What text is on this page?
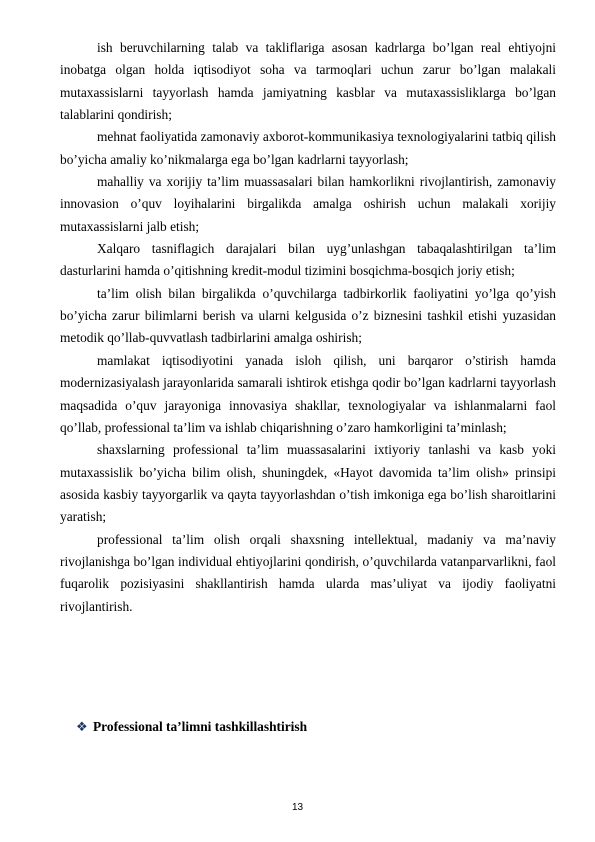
ish beruvchilarning talab va takliflariga asosan kadrlarga bo’lgan real ehtiyojni inobatga olgan holda iqtisodiyot soha va tarmoqlari uchun zarur bo’lgan malakali mutaxassislarni tayyorlash hamda jamiyatning kasblar va mutaxassisliklarga bo’lgan talablarini qondirish;

mehnat faoliyatida zamonaviy axborot-kommunikasiya texnologiyalarini tatbiq qilish bo’yicha amaliy ko’nikmalarga ega bo’lgan kadrlarni tayyorlash;

mahalliy va xorijiy ta’lim muassasalari bilan hamkorlikni rivojlantirish, zamonaviy innovasion o’quv loyihalarini birgalikda amalga oshirish uchun malakali xorijiy mutaxassislarni jalb etish;

Xalqaro tasniflagich darajalari bilan uyg’unlashgan tabaqalashtirilgan ta’lim dasturlarini hamda o’qitishning kredit-modul tizimini bosqichma-bosqich joriy etish;

ta’lim olish bilan birgalikda o’quvchilarga tadbirkorlik faoliyatini yo’lga qo’yish bo’yicha zarur bilimlarni berish va ularni kelgusida o’z biznesini tashkil etishi yuzasidan metodik qo’llab-quvvatlash tadbirlarini amalga oshirish;

mamlakat iqtisodiyotini yanada isloh qilish, uni barqaror o’stirish hamda modernizasiyalash jarayonlarida samarali ishtirok etishga qodir bo’lgan kadrlarni tayyorlash maqsadida o’quv jarayoniga innovasiya shakllar, texnologiyalar va ishlanmalarni faol qo’llab, professional ta’lim va ishlab chiqarishning o’zaro hamkorligini ta’minlash;

shaxslarning professional ta’lim muassasalarini ixtiyoriy tanlashi va kasb yoki mutaxassislik bo’yicha bilim olish, shuningdek, «Hayot davomida ta’lim olish» prinsipi asosida kasbiy tayyorgarlik va qayta tayyorlashdan o’tish imkoniga ega bo’lish sharoitlarini yaratish;

professional ta’lim olish orqali shaxsning intellektual, madaniy va ma’naviy rivojlanishga bo’lgan individual ehtiyojlarini qondirish, o’quvchilarda vatanparvarlikni, faol fuqarolik pozisiyasini shakllantirish hamda ularda mas’uliyat va ijodiy faoliyatni rivojlantirish.

❖ Professional ta’limni tashkillashtirish
13
